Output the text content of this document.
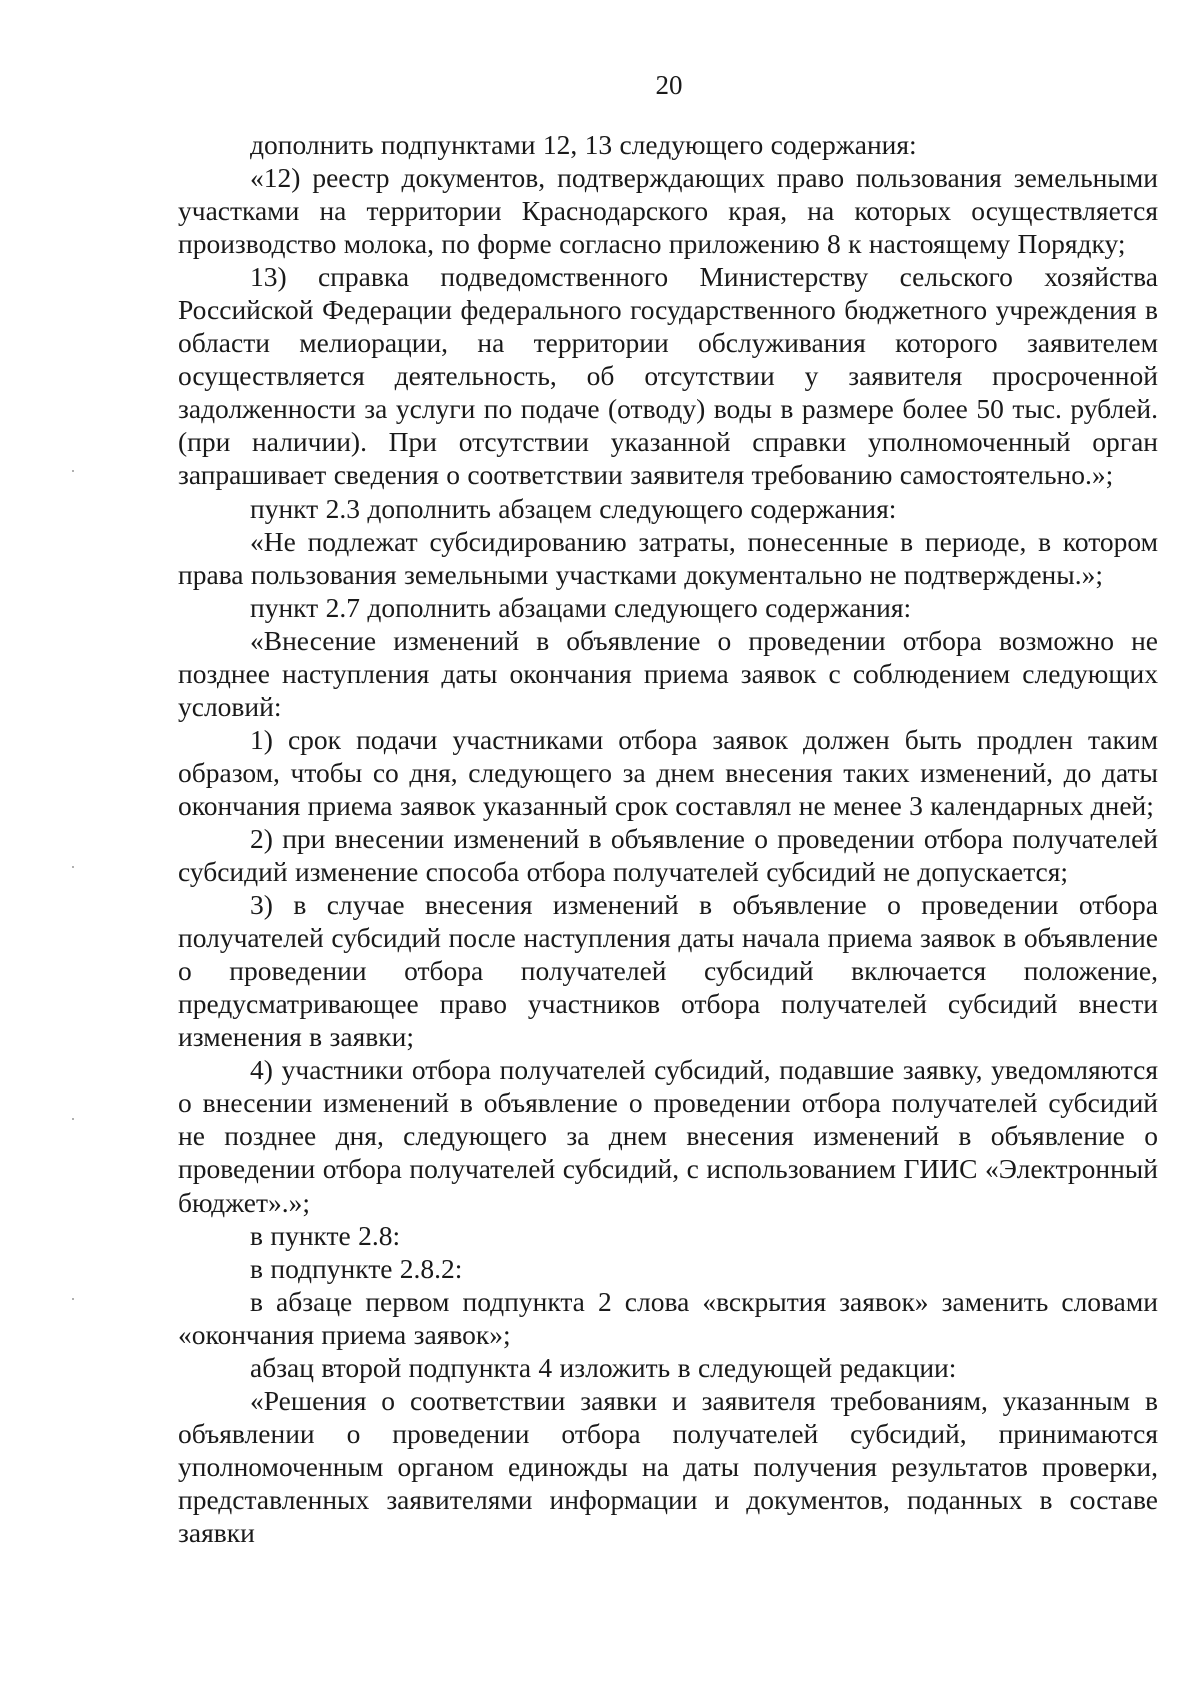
20

дополнить подпунктами 12, 13 следующего содержания:

«12) реестр документов, подтверждающих право пользования земельными участками на территории Краснодарского края, на которых осуществляется производство молока, по форме согласно приложению 8 к настоящему Порядку;

13) справка подведомственного Министерству сельского хозяйства Российской Федерации федерального государственного бюджетного учреждения в области мелиорации, на территории обслуживания которого заявителем осуществляется деятельность, об отсутствии у заявителя просроченной задолженности за услуги по подаче (отводу) воды в размере более 50 тыс. рублей. (при наличии). При отсутствии указанной справки уполномоченный орган запрашивает сведения о соответствии заявителя требованию самостоятельно.»;

пункт 2.3 дополнить абзацем следующего содержания:

«Не подлежат субсидированию затраты, понесенные в периоде, в котором права пользования земельными участками документально не подтверждены.»;

пункт 2.7 дополнить абзацами следующего содержания:

«Внесение изменений в объявление о проведении отбора возможно не позднее наступления даты окончания приема заявок с соблюдением следующих условий:

1) срок подачи участниками отбора заявок должен быть продлен таким образом, чтобы со дня, следующего за днем внесения таких изменений, до даты окончания приема заявок указанный срок составлял не менее 3 календарных дней;

2) при внесении изменений в объявление о проведении отбора получателей субсидий изменение способа отбора получателей субсидий не допускается;

3) в случае внесения изменений в объявление о проведении отбора получателей субсидий после наступления даты начала приема заявок в объявление о проведении отбора получателей субсидий включается положение, предусматривающее право участников отбора получателей субсидий внести изменения в заявки;

4) участники отбора получателей субсидий, подавшие заявку, уведомляются о внесении изменений в объявление о проведении отбора получателей субсидий не позднее дня, следующего за днем внесения изменений в объявление о проведении отбора получателей субсидий, с использованием ГИИС «Электронный бюджет».»;

в пункте 2.8:

в подпункте 2.8.2:

в абзаце первом подпункта 2 слова «вскрытия заявок» заменить словами «окончания приема заявок»;

абзац второй подпункта 4 изложить в следующей редакции:

«Решения о соответствии заявки и заявителя требованиям, указанным в объявлении о проведении отбора получателей субсидий, принимаются уполномоченным органом единожды на даты получения результатов проверки, представленных заявителями информации и документов, поданных в составе заявки
